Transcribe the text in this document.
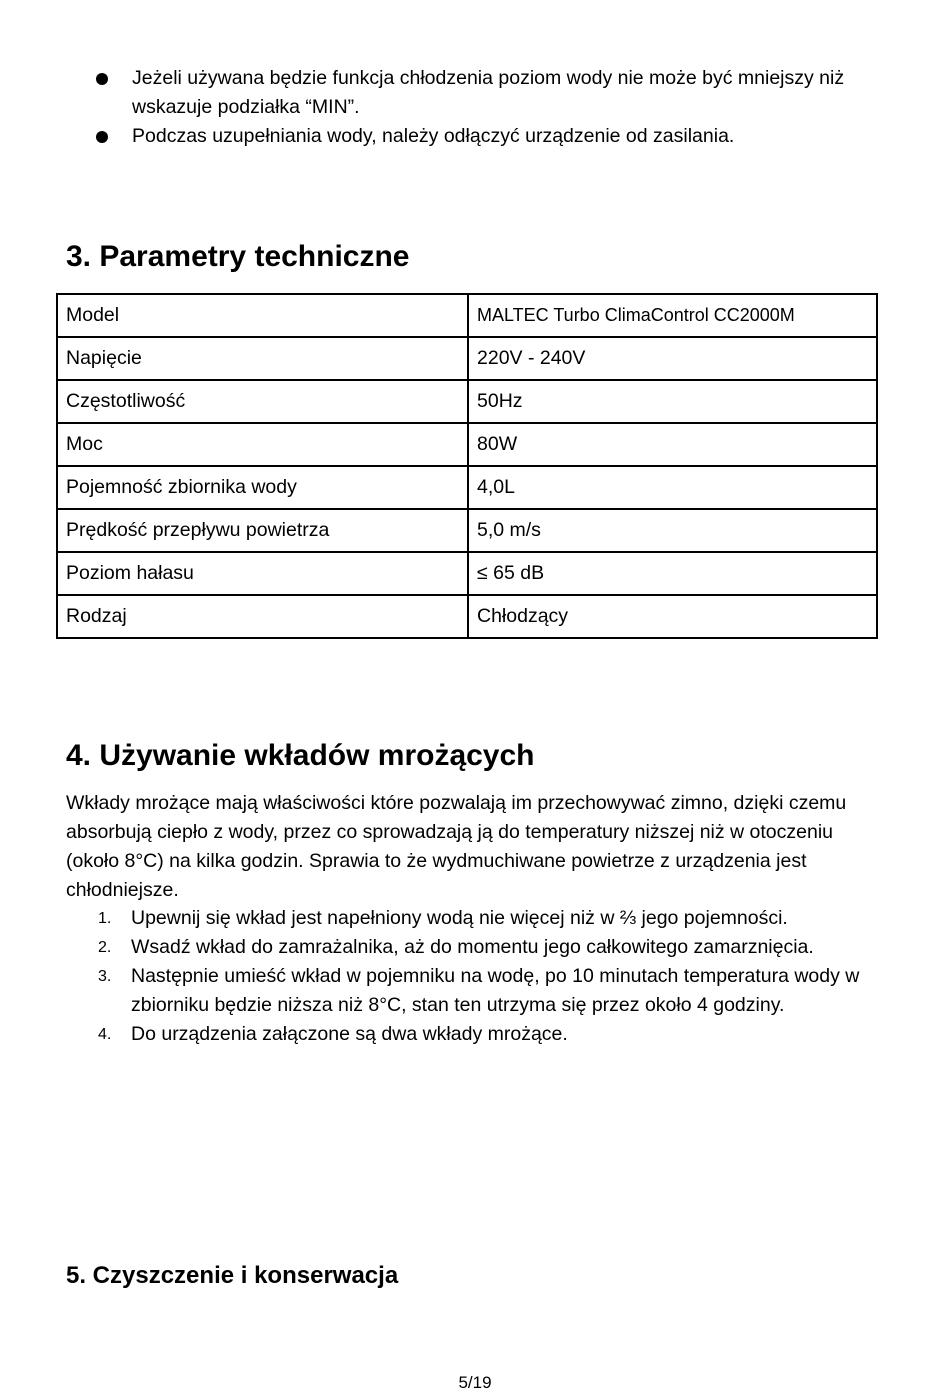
Jeżeli używana będzie funkcja chłodzenia poziom wody nie może być mniejszy niż wskazuje podziałka “MIN”.
Podczas uzupełniania wody, należy odłączyć urządzenie od zasilania.
3. Parametry techniczne
Model	MALTEC Turbo ClimaControl CC2000M
Napięcie	220V - 240V
Częstotliwość	50Hz
Moc	80W
Pojemność zbiornika wody	4,0L
Prędkość przepływu powietrza	5,0 m/s
Poziom hałasu	≤ 65 dB
Rodzaj	Chłodzący
4. Używanie wkładów mrożących

Wkłady mrożące mają właściwości które pozwalają im przechowywać zimno, dzięki czemu absorbują ciepło z wody, przez co sprowadzają ją do temperatury niższej niż w otoczeniu (około 8°C) na kilka godzin. Sprawia to że wydmuchiwane powietrze z urządzenia jest chłodniejsze.

1. Upewnij się wkład jest napełniony wodą nie więcej niż w ⅔ jego pojemności.
2. Wsadź wkład do zamrażalnika, aż do momentu jego całkowitego zamarznięcia.
3. Następnie umieść wkład w pojemniku na wodę, po 10 minutach temperatura wody w zbiorniku będzie niższa niż 8°C, stan ten utrzyma się przez około 4 godziny.
4. Do urządzenia załączone są dwa wkłady mrożące.
5. Czyszczenie i konserwacja
5/19
